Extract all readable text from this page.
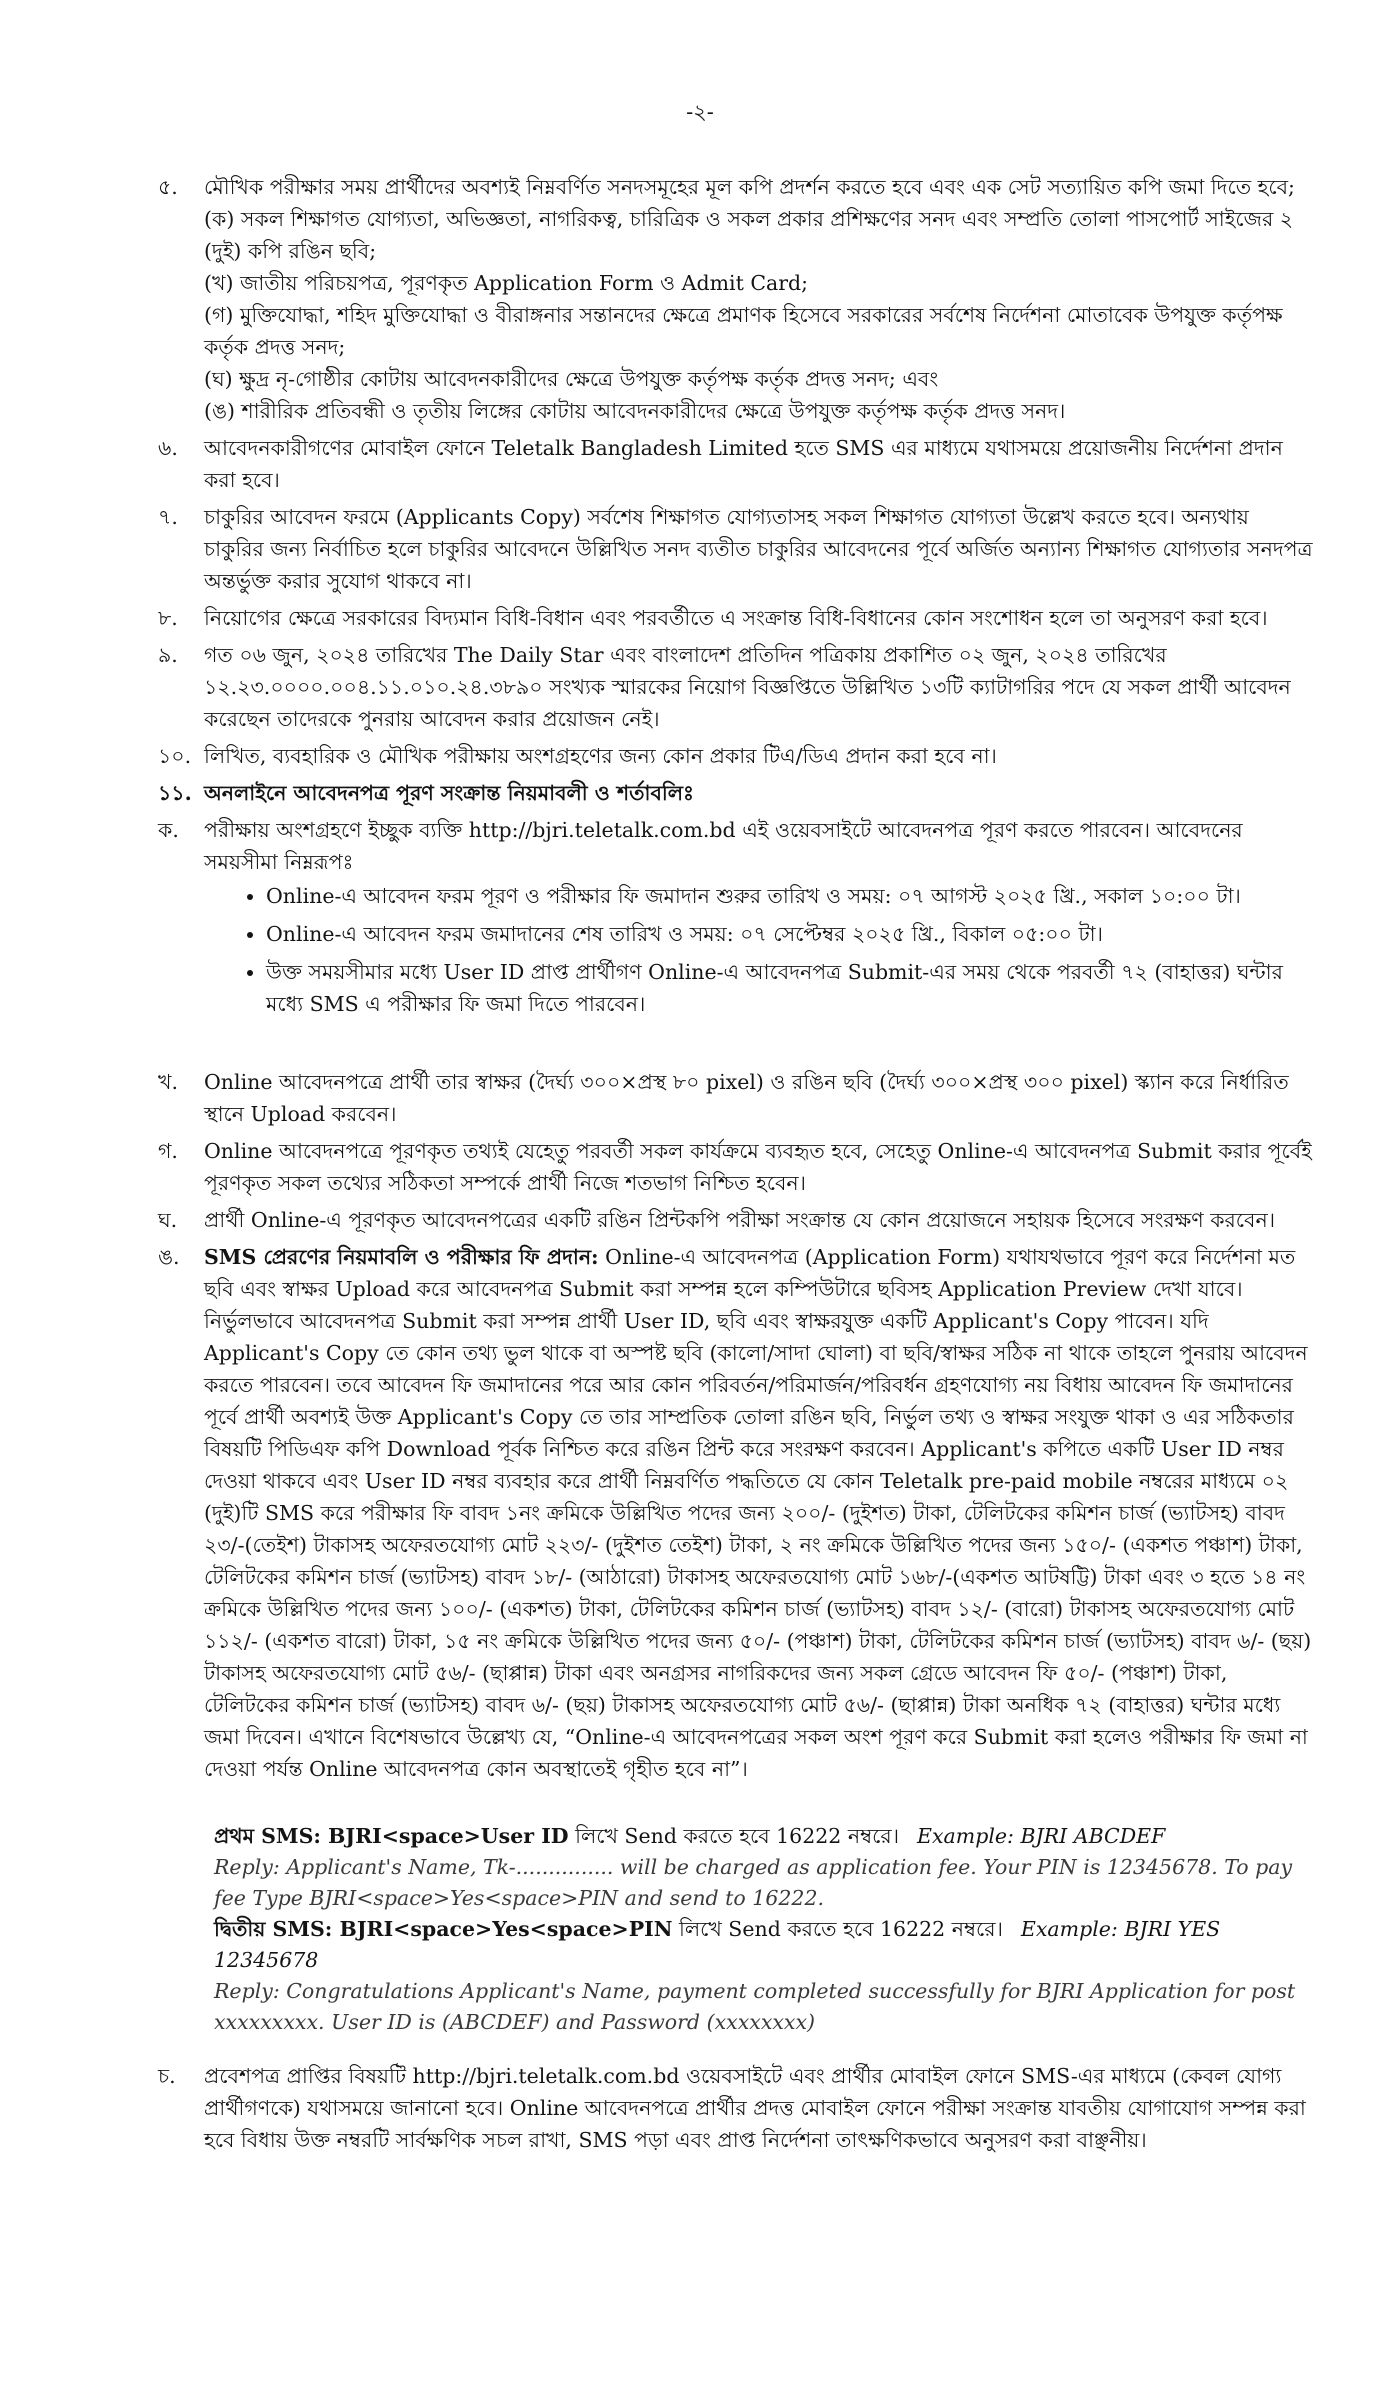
-২-
৫. মৌখিক পরীক্ষার সময় প্রার্থীদের অবশ্যই নিম্নবর্ণিত সনদসমূহের মূল কপি প্রদর্শন করতে হবে এবং এক সেট সত্যায়িত কপি জমা দিতে হবে;
(ক) সকল শিক্ষাগত যোগ্যতা, অভিজ্ঞতা, নাগরিকত্ব, চারিত্রিক ও সকল প্রকার প্রশিক্ষণের সনদ এবং সম্প্রতি তোলা পাসপোর্ট সাইজের ২ (দুই) কপি রঙিন ছবি;
(খ) জাতীয় পরিচয়পত্র, পূরণকৃত Application Form ও Admit Card;
(গ) মুক্তিযোদ্ধা, শহিদ মুক্তিযোদ্ধা ও বীরাঙ্গনার সন্তানদের ক্ষেত্রে প্রমাণক হিসেবে সরকারের সর্বশেষ নির্দেশনা মোতাবেক উপযুক্ত কর্তৃপক্ষ কর্তৃক প্রদত্ত সনদ;
(ঘ) ক্ষুদ্র নৃ-গোষ্ঠীর কোটায় আবেদনকারীদের ক্ষেত্রে উপযুক্ত কর্তৃপক্ষ কর্তৃক প্রদত্ত সনদ; এবং
(ঙ) শারীরিক প্রতিবন্ধী ও তৃতীয় লিঙ্গের কোটায় আবেদনকারীদের ক্ষেত্রে উপযুক্ত কর্তৃপক্ষ কর্তৃক প্রদত্ত সনদ।
৬. আবেদনকারীগণের মোবাইল ফোনে Teletalk Bangladesh Limited হতে SMS এর মাধ্যমে যথাসময়ে প্রয়োজনীয় নির্দেশনা প্রদান করা হবে।
৭. চাকুরির আবেদন ফরমে (Applicants Copy) সর্বশেষ শিক্ষাগত যোগ্যতাসহ সকল শিক্ষাগত যোগ্যতা উল্লেখ করতে হবে। অন্যথায় চাকুরির জন্য নির্বাচিত হলে চাকুরির আবেদনে উল্লিখিত সনদ ব্যতীত চাকুরির আবেদনের পূর্বে অর্জিত অন্যান্য শিক্ষাগত যোগ্যতার সনদপত্র অন্তর্ভুক্ত করার সুযোগ থাকবে না।
৮. নিয়োগের ক্ষেত্রে সরকারের বিদ্যমান বিধি-বিধান এবং পরবর্তীতে এ সংক্রান্ত বিধি-বিধানের কোন সংশোধন হলে তা অনুসরণ করা হবে।
৯. গত ০৬ জুন, ২০২৪ তারিখের The Daily Star এবং বাংলাদেশ প্রতিদিন পত্রিকায় প্রকাশিত ০২ জুন, ২০২৪ তারিখের ১২.২৩.০০০০.০০৪.১১.০১০.২৪.৩৮৯০ সংখ্যক স্মারকের নিয়োগ বিজ্ঞপ্তিতে উল্লিখিত ১৩টি ক্যাটাগরির পদে যে সকল প্রার্থী আবেদন করেছেন তাদেরকে পুনরায় আবেদন করার প্রয়োজন নেই।
১০. লিখিত, ব্যবহারিক ও মৌখিক পরীক্ষায় অংশগ্রহণের জন্য কোন প্রকার টিএ/ডিএ প্রদান করা হবে না।
১১. অনলাইনে আবেদনপত্র পূরণ সংক্রান্ত নিয়মাবলী ও শর্তাবলিঃ
ক. পরীক্ষায় অংশগ্রহণে ইচ্ছুক ব্যক্তি http://bjri.teletalk.com.bd এই ওয়েবসাইটে আবেদনপত্র পূরণ করতে পারবেন। আবেদনের সময়সীমা নিম্নরূপঃ
• Online-এ আবেদন ফরম পূরণ ও পরীক্ষার ফি জমাদান শুরুর তারিখ ও সময়: ০৭ আগস্ট ২০২৫ খ্রি., সকাল ১০:০০ টা।
• Online-এ আবেদন ফরম জমাদানের শেষ তারিখ ও সময়: ০৭ সেপ্টেম্বর ২০২৫ খ্রি., বিকাল ০৫:০০ টা।
• উক্ত সময়সীমার মধ্যে User ID প্রাপ্ত প্রার্থীগণ Online-এ আবেদনপত্র Submit-এর সময় থেকে পরবর্তী ৭২ (বাহাত্তর) ঘন্টার মধ্যে SMS এ পরীক্ষার ফি জমা দিতে পারবেন।
খ. Online আবেদনপত্রে প্রার্থী তার স্বাক্ষর (দৈর্ঘ্য ৩০০×প্রস্থ ৮০ pixel) ও রঙিন ছবি (দৈর্ঘ্য ৩০০×প্রস্থ ৩০০ pixel) স্ক্যান করে নির্ধারিত স্থানে Upload করবেন।
গ. Online আবেদনপত্রে পূরণকৃত তথ্যই যেহেতু পরবর্তী সকল কার্যক্রমে ব্যবহৃত হবে, সেহেতু Online-এ আবেদনপত্র Submit করার পূর্বেই পূরণকৃত সকল তথ্যের সঠিকতা সম্পর্কে প্রার্থী নিজে শতভাগ নিশ্চিত হবেন।
ঘ. প্রার্থী Online-এ পূরণকৃত আবেদনপত্রের একটি রঙিন প্রিন্টকপি পরীক্ষা সংক্রান্ত যে কোন প্রয়োজনে সহায়ক হিসেবে সংরক্ষণ করবেন।
ঙ. SMS প্রেরণের নিয়মাবলি ও পরীক্ষার ফি প্রদান: Online-এ আবেদনপত্র (Application Form) যথাযথভাবে পূরণ করে নির্দেশনা মত ছবি এবং স্বাক্ষর Upload করে আবেদনপত্র Submit করা সম্পন্ন হলে কম্পিউটারে ছবিসহ Application Preview দেখা যাবে। নির্ভুলভাবে আবেদনপত্র Submit করা সম্পন্ন প্রার্থী User ID, ছবি এবং স্বাক্ষরযুক্ত একটি Applicant's Copy পাবেন। যদি Applicant's Copy তে কোন তথ্য ভুল থাকে বা অস্পষ্ট ছবি (কালো/সাদা ঘোলা) বা ছবি/স্বাক্ষর সঠিক না থাকে তাহলে পুনরায় আবেদন করতে পারবেন। তবে আবেদন ফি জমাদানের পরে আর কোন পরিবর্তন/পরিমার্জন/পরিবর্ধন গ্রহণযোগ্য নয় বিধায় আবেদন ফি জমাদানের পূর্বে প্রার্থী অবশ্যই উক্ত Applicant's Copy তে তার সাম্প্রতিক তোলা রঙিন ছবি, নির্ভুল তথ্য ও স্বাক্ষর সংযুক্ত থাকা ও এর সঠিকতার বিষয়টি পিডিএফ কপি Download পূর্বক নিশ্চিত করে রঙিন প্রিন্ট করে সংরক্ষণ করবেন। Applicant's কপিতে একটি User ID নম্বর দেওয়া থাকবে এবং User ID নম্বর ব্যবহার করে প্রার্থী নিম্নবর্ণিত পদ্ধতিতে যে কোন Teletalk pre-paid mobile নম্বরের মাধ্যমে ০২ (দুই)টি SMS করে পরীক্ষার ফি বাবদ ১নং ক্রমিকে উল্লিখিত পদের জন্য ২০০/- (দুইশত) টাকা, টেলিটকের কমিশন চার্জ (ভ্যাটসহ) বাবদ ২৩/-(তেইশ) টাকাসহ অফেরতযোগ্য মোট ২২৩/- (দুইশত তেইশ) টাকা, ২ নং ক্রমিকে উল্লিখিত পদের জন্য ১৫০/- (একশত পঞ্চাশ) টাকা, টেলিটকের কমিশন চার্জ (ভ্যাটসহ) বাবদ ১৮/- (আঠারো) টাকাসহ অফেরতযোগ্য মোট ১৬৮/-(একশত আটষট্টি) টাকা এবং ৩ হতে ১৪ নং ক্রমিকে উল্লিখিত পদের জন্য ১০০/- (একশত) টাকা, টেলিটকের কমিশন চার্জ (ভ্যাটসহ) বাবদ ১২/- (বারো) টাকাসহ অফেরতযোগ্য মোট ১১২/- (একশত বারো) টাকা, ১৫ নং ক্রমিকে উল্লিখিত পদের জন্য ৫০/- (পঞ্চাশ) টাকা, টেলিটকের কমিশন চার্জ (ভ্যাটসহ) বাবদ ৬/- (ছয়) টাকাসহ অফেরতযোগ্য মোট ৫৬/- (ছাপ্পান্ন) টাকা এবং অনগ্রসর নাগরিকদের জন্য সকল গ্রেডে আবেদন ফি ৫০/- (পঞ্চাশ) টাকা, টেলিটকের কমিশন চার্জ (ভ্যাটসহ) বাবদ ৬/- (ছয়) টাকাসহ অফেরতযোগ্য মোট ৫৬/- (ছাপ্পান্ন) টাকা অনধিক ৭২ (বাহাত্তর) ঘন্টার মধ্যে জমা দিবেন। এখানে বিশেষভাবে উল্লেখ্য যে, “Online-এ আবেদনপত্রের সকল অংশ পূরণ করে Submit করা হলেও পরীক্ষার ফি জমা না দেওয়া পর্যন্ত Online আবেদনপত্র কোন অবস্থাতেই গৃহীত হবে না”।
প্রথম SMS: BJRI<space>User ID লিখে Send করতে হবে 16222 নম্বরে। Example: BJRI ABCDEF
Reply: Applicant's Name, Tk-............... will be charged as application fee. Your PIN is 12345678. To pay fee Type BJRI<space>Yes<space>PIN and send to 16222.
দ্বিতীয় SMS: BJRI<space>Yes<space>PIN লিখে Send করতে হবে 16222 নম্বরে। Example: BJRI YES 12345678
Reply: Congratulations Applicant's Name, payment completed successfully for BJRI Application for post xxxxxxxxx. User ID is (ABCDEF) and Password (xxxxxxxx)
চ. প্রবেশপত্র প্রাপ্তির বিষয়টি http://bjri.teletalk.com.bd ওয়েবসাইটে এবং প্রার্থীর মোবাইল ফোনে SMS-এর মাধ্যমে (কেবল যোগ্য প্রার্থীগণকে) যথাসময়ে জানানো হবে। Online আবেদনপত্রে প্রার্থীর প্রদত্ত মোবাইল ফোনে পরীক্ষা সংক্রান্ত যাবতীয় যোগাযোগ সম্পন্ন করা হবে বিধায় উক্ত নম্বরটি সার্বক্ষণিক সচল রাখা, SMS পড়া এবং প্রাপ্ত নির্দেশনা তাৎক্ষণিকভাবে অনুসরণ করা বাঞ্ছনীয়।
